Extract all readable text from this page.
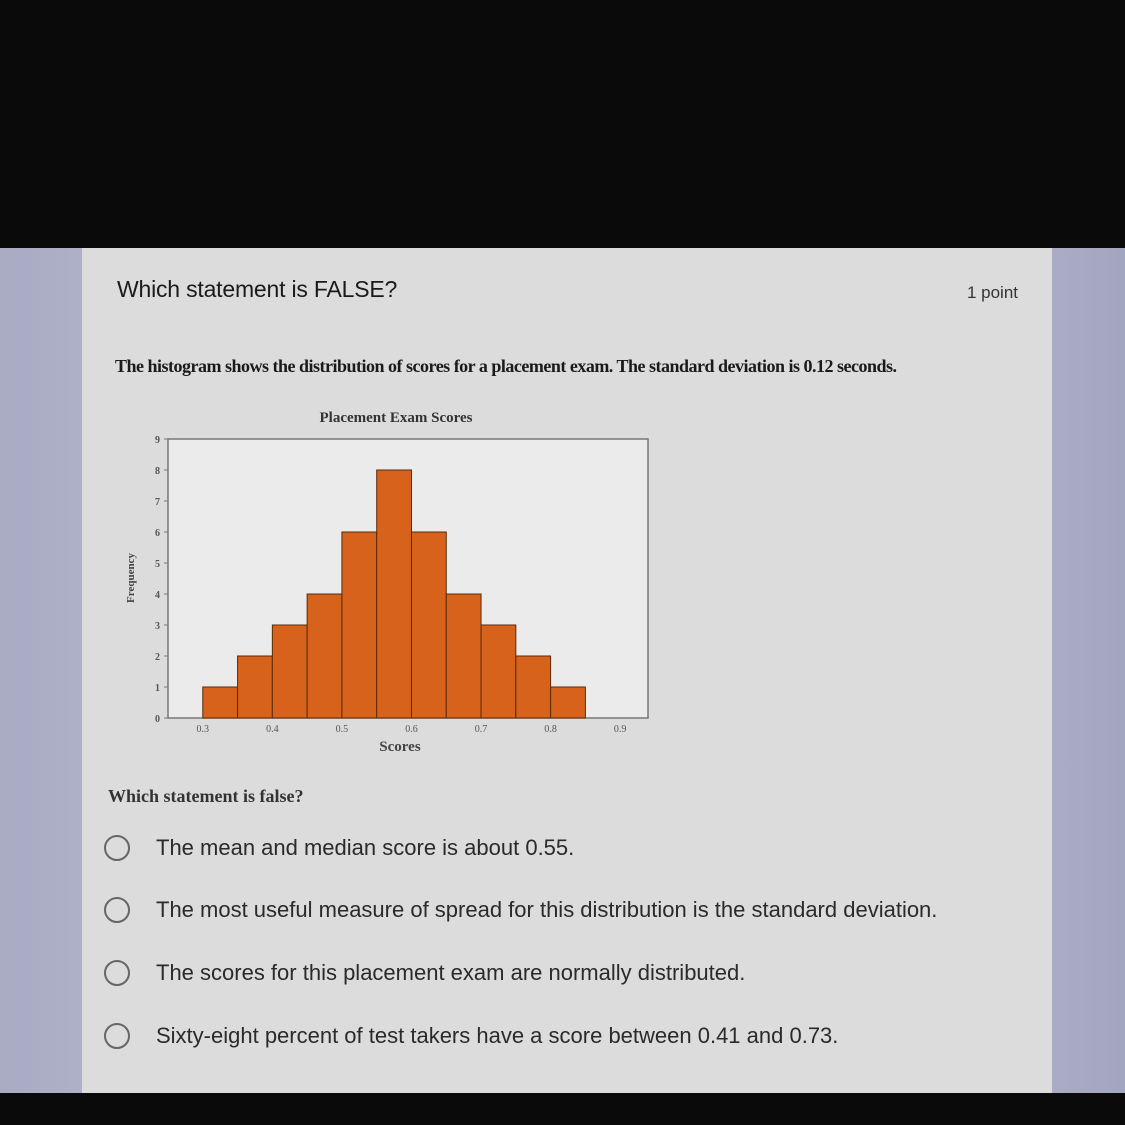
Which statement is FALSE?	1 point
The histogram shows the distribution of scores for a placement exam. The standard deviation is 0.12 seconds.
Placement Exam Scores
0
1
2
3
4
5
6
7
8
9
0.3	0.4	0.5	0.6	0.7	0.8	0.9
Frequency
Scores
Which statement is false?
The mean and median score is about 0.55.
The most useful measure of spread for this distribution is the standard deviation.
The scores for this placement exam are normally distributed.
Sixty-eight percent of test takers have a score between 0.41 and 0.73.
